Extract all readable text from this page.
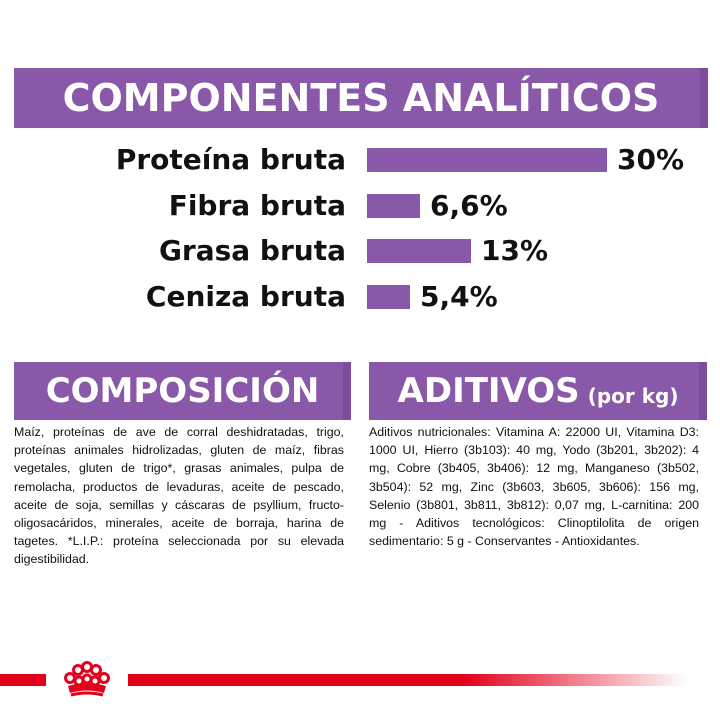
COMPONENTES ANALÍTICOS
Proteína bruta	30%
Fibra bruta	6,6%
Grasa bruta	13%
Ceniza bruta	5,4%
COMPOSICIÓN ADITIVOS (por kg)
Maíz, proteínas de ave de corral deshidratadas, trigo, proteínas animales hidrolizadas, gluten de maíz, fibras vegetales, gluten de trigo*, grasas animales, pulpa de remolacha, productos de levaduras, aceite de pescado, aceite de soja, semillas y cáscaras de psyllium, fructo-oligosacáridos, minerales, aceite de borraja, harina de tagetes. *L.I.P.: proteína seleccionada por su elevada digestibilidad.
Aditivos nutricionales: Vitamina A: 22000 UI, Vitamina D3: 1000 UI, Hierro (3b103): 40 mg, Yodo (3b201, 3b202): 4 mg, Cobre (3b405, 3b406): 12 mg, Manganeso (3b502, 3b504): 52 mg, Zinc (3b603, 3b605, 3b606): 156 mg, Selenio (3b801, 3b811, 3b812): 0,07 mg, L-carnitina: 200 mg - Aditivos tecnológicos: Clinoptilolita de origen sedimentario: 5 g - Conservantes - Antioxidantes.
